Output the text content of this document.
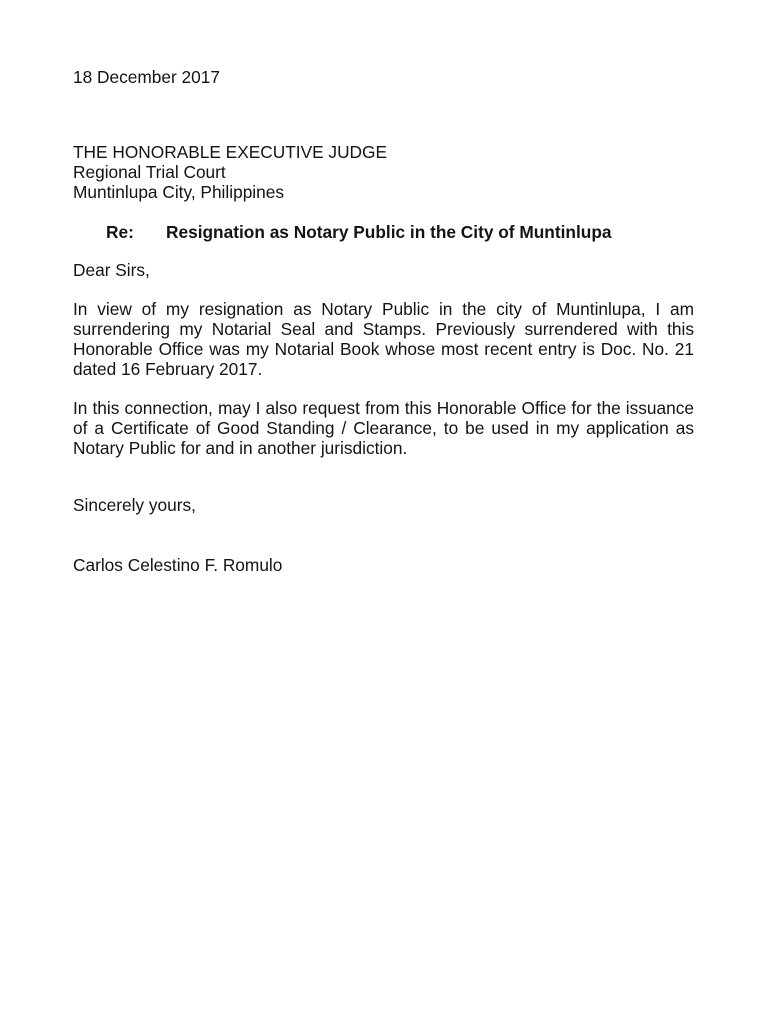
18 December 2017

THE HONORABLE EXECUTIVE JUDGE
Regional Trial Court
Muntinlupa City, Philippines
Re: Resignation as Notary Public in the City of Muntinlupa

Dear Sirs,

In view of my resignation as Notary Public in the city of Muntinlupa, I am surrendering my Notarial Seal and Stamps. Previously surrendered with this Honorable Office was my Notarial Book whose most recent entry is Doc. No. 21 dated 16 February 2017.

In this connection, may I also request from this Honorable Office for the issuance of a Certificate of Good Standing / Clearance, to be used in my application as Notary Public for and in another jurisdiction.

Sincerely yours,

Carlos Celestino F. Romulo
